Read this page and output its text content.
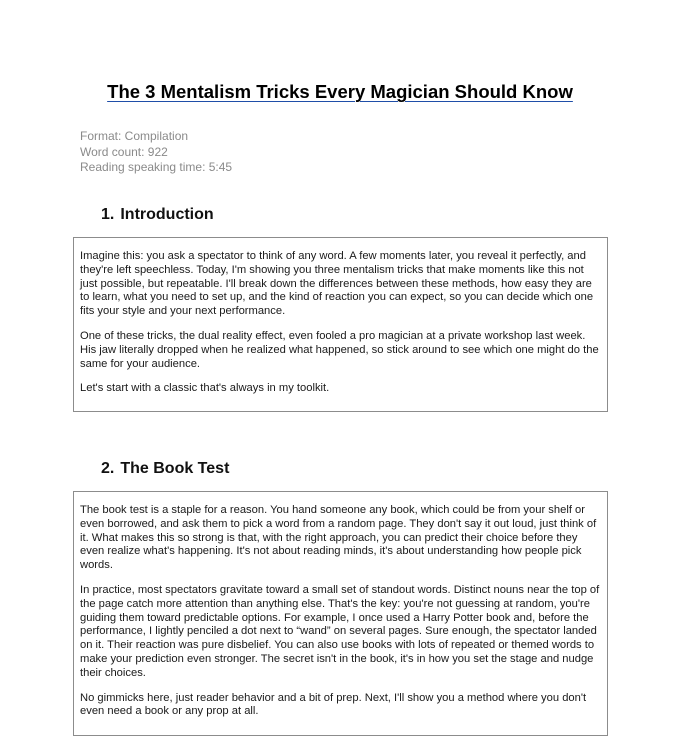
The 3 Mentalism Tricks Every Magician Should Know
Format: Compilation
Word count: 922
Reading speaking time: 5:45
1. Introduction

Imagine this: you ask a spectator to think of any word. A few moments later, you reveal it perfectly, and they're left speechless. Today, I'm showing you three mentalism tricks that make moments like this not just possible, but repeatable. I'll break down the differences between these methods, how easy they are to learn, what you need to set up, and the kind of reaction you can expect, so you can decide which one fits your style and your next performance.

One of these tricks, the dual reality effect, even fooled a pro magician at a private workshop last week. His jaw literally dropped when he realized what happened, so stick around to see which one might do the same for your audience.

Let's start with a classic that's always in my toolkit.

2. The Book Test

The book test is a staple for a reason. You hand someone any book, which could be from your shelf or even borrowed, and ask them to pick a word from a random page. They don't say it out loud, just think of it. What makes this so strong is that, with the right approach, you can predict their choice before they even realize what's happening. It's not about reading minds, it's about understanding how people pick words.

In practice, most spectators gravitate toward a small set of standout words. Distinct nouns near the top of the page catch more attention than anything else. That's the key: you're not guessing at random, you're guiding them toward predictable options. For example, I once used a Harry Potter book and, before the performance, I lightly penciled a dot next to “wand” on several pages. Sure enough, the spectator landed on it. Their reaction was pure disbelief. You can also use books with lots of repeated or themed words to make your prediction even stronger. The secret isn't in the book, it's in how you set the stage and nudge their choices.

No gimmicks here, just reader behavior and a bit of prep. Next, I'll show you a method where you don't even need a book or any prop at all.
